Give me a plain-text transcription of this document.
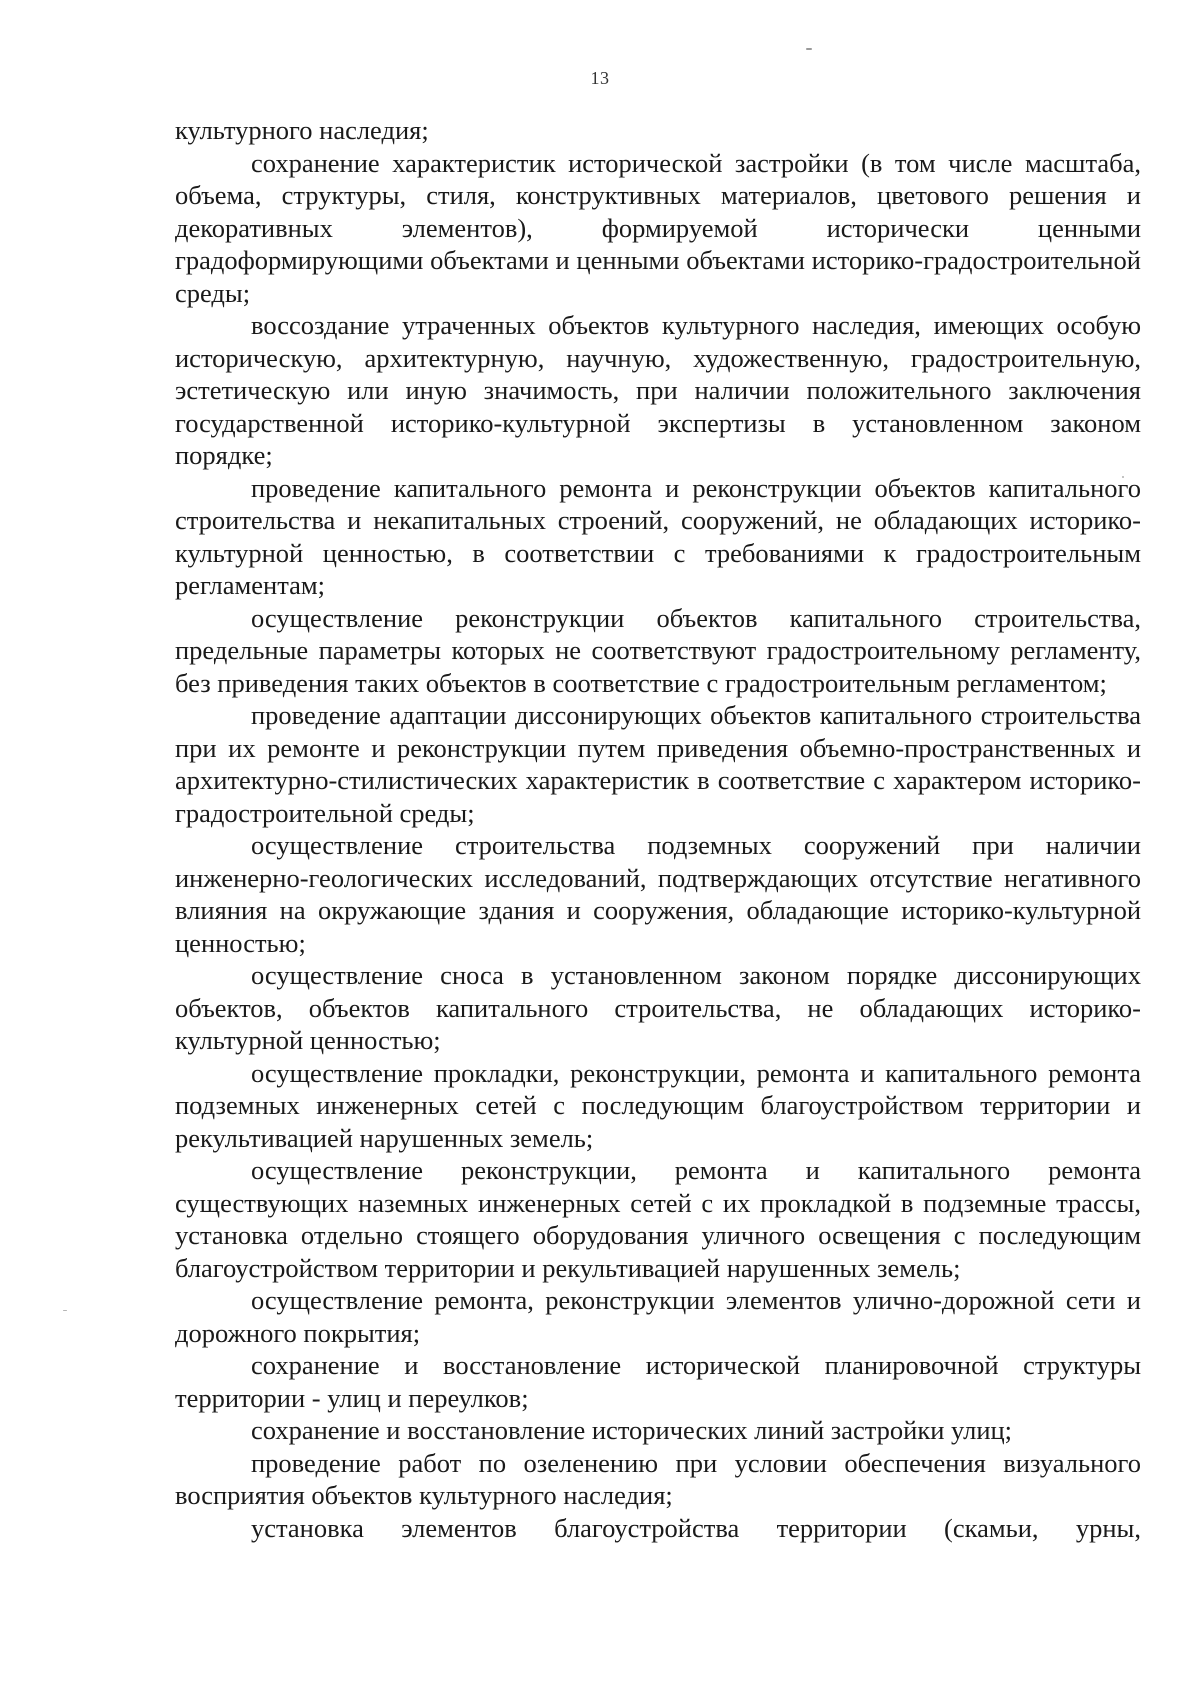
13

культурного наследия;

сохранение характеристик исторической застройки (в том числе масштаба, объема, структуры, стиля, конструктивных материалов, цветового решения и декоративных элементов), формируемой исторически ценными градоформирующими объектами и ценными объектами историко-градостроительной среды;

воссоздание утраченных объектов культурного наследия, имеющих особую историческую, архитектурную, научную, художественную, градостроительную, эстетическую или иную значимость, при наличии положительного заключения государственной историко-культурной экспертизы в установленном законом порядке;

проведение капитального ремонта и реконструкции объектов капитального строительства и некапитальных строений, сооружений, не обладающих историко-культурной ценностью, в соответствии с требованиями к градостроительным регламентам;

осуществление реконструкции объектов капитального строительства, предельные параметры которых не соответствуют градостроительному регламенту, без приведения таких объектов в соответствие с градостроительным регламентом;

проведение адаптации диссонирующих объектов капитального строительства при их ремонте и реконструкции путем приведения объемно-пространственных и архитектурно-стилистических характеристик в соответствие с характером историко-градостроительной среды;

осуществление строительства подземных сооружений при наличии инженерно-геологических исследований, подтверждающих отсутствие негативного влияния на окружающие здания и сооружения, обладающие историко-культурной ценностью;

осуществление сноса в установленном законом порядке диссонирующих объектов, объектов капитального строительства, не обладающих историко-культурной ценностью;

осуществление прокладки, реконструкции, ремонта и капитального ремонта подземных инженерных сетей с последующим благоустройством территории и рекультивацией нарушенных земель;

осуществление реконструкции, ремонта и капитального ремонта существующих наземных инженерных сетей с их прокладкой в подземные трассы, установка отдельно стоящего оборудования уличного освещения с последующим благоустройством территории и рекультивацией нарушенных земель;

осуществление ремонта, реконструкции элементов улично-дорожной сети и дорожного покрытия;

сохранение и восстановление исторической планировочной структуры территории - улиц и переулков;

сохранение и восстановление исторических линий застройки улиц;

проведение работ по озеленению при условии обеспечения визуального восприятия объектов культурного наследия;

установка элементов благоустройства территории (скамьи, урны,
